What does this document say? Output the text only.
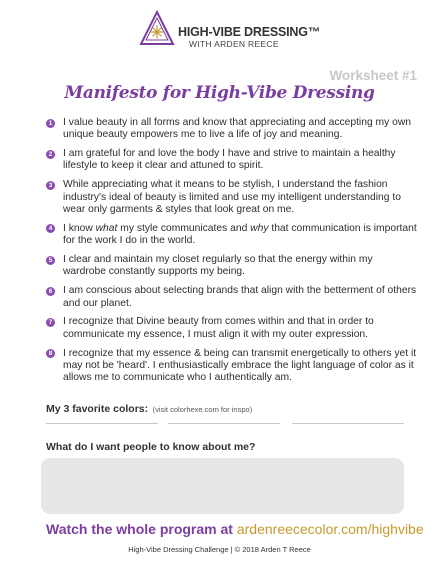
HIGH-VIBE DRESSING™
WITH ARDEN REECE
Worksheet #1
Manifesto for High-Vibe Dressing
1 I value beauty in all forms and know that appreciating and accepting my own unique beauty empowers me to live a life of joy and meaning.
2 I am grateful for and love the body I have and strive to maintain a healthy lifestyle to keep it clear and attuned to spirit.
3 While appreciating what it means to be stylish, I understand the fashion industry's ideal of beauty is limited and use my intelligent understanding to wear only garments & styles that look great on me.
4 I know what my style communicates and why that communication is important for the work I do in the world.
5 I clear and maintain my closet regularly so that the energy within my wardrobe constantly supports my being.
6 I am conscious about selecting brands that align with the betterment of others and our planet.
7 I recognize that Divine beauty from comes within and that in order to communicate my essence, I must align it with my outer expression.
8 I recognize that my essence & being can transmit energetically to others yet it may not be 'heard'. I enthusiastically embrace the light language of color as it allows me to communicate who I authentically am.
My 3 favorite colors: (visit colorhexe.com for inspo)
What do I want people to know about me?
Watch the whole program at ardenreececolor.com/highvibe
High-Vibe Dressing Challenge | © 2018 Arden T Reece
